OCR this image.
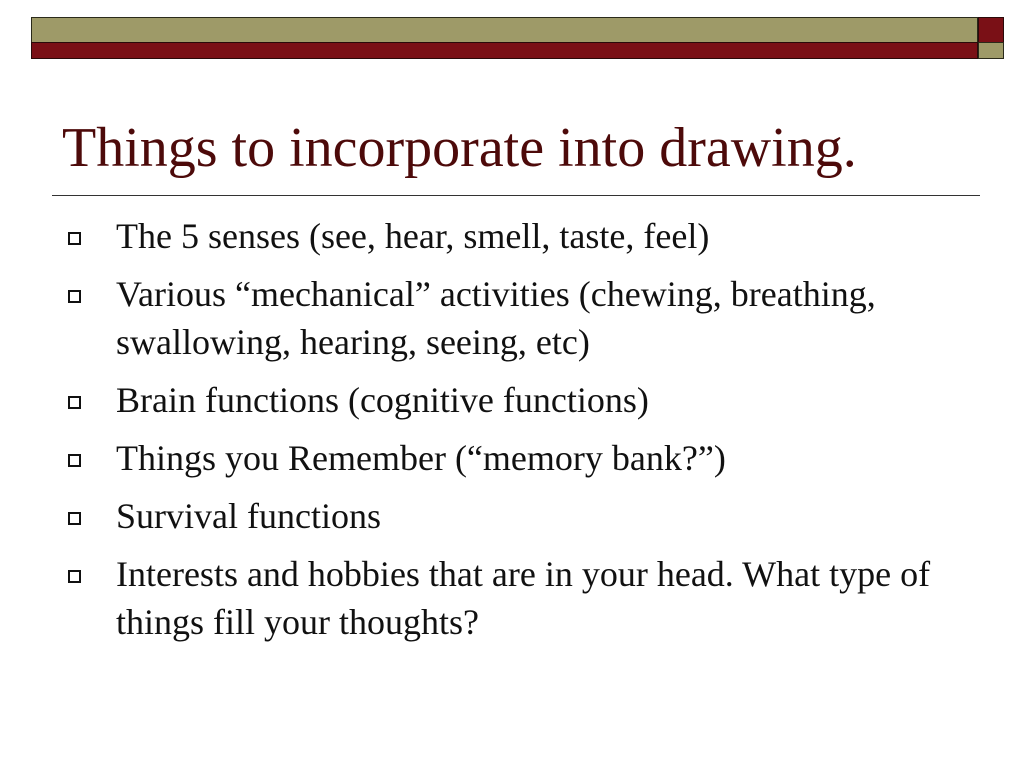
Things to incorporate into drawing.
The 5 senses (see, hear, smell, taste, feel)
Various “mechanical” activities (chewing, breathing, swallowing, hearing, seeing, etc)
Brain functions (cognitive functions)
Things you Remember (“memory bank?”)
Survival functions
Interests and hobbies that are in your head. What type of things fill your thoughts?
